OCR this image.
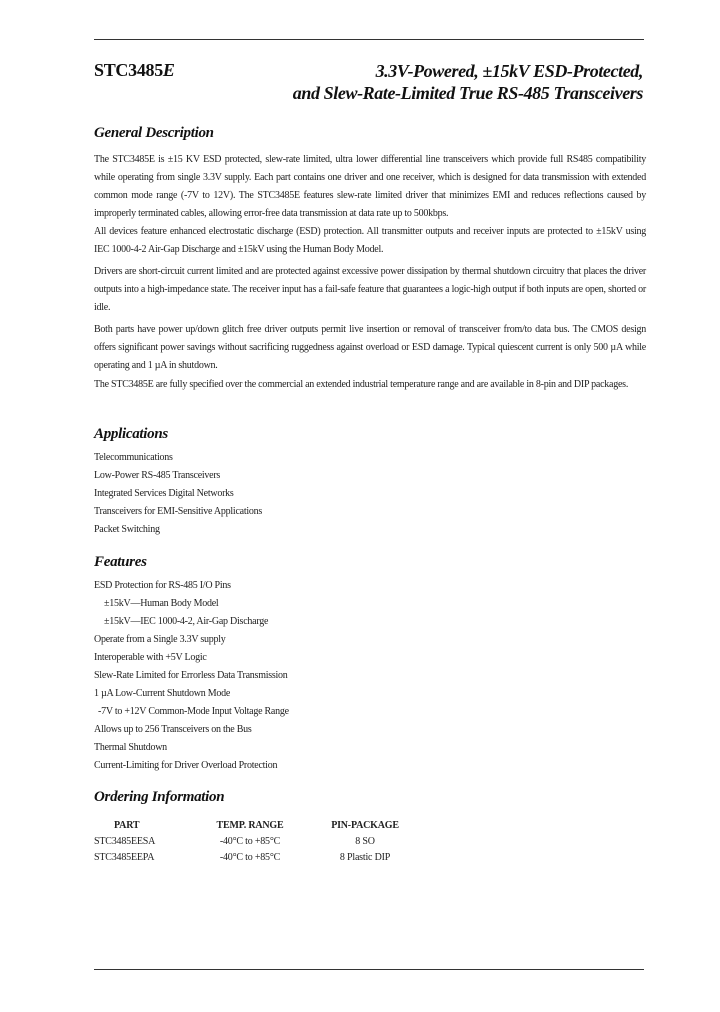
STC3485E	3.3V-Powered, ±15kV ESD-Protected,
and Slew-Rate-Limited True RS-485 Transceivers
General Description
The STC3485E is ±15 KV ESD protected, slew-rate limited, ultra lower differential line transceivers which provide full RS485 compatibility while operating from single 3.3V supply. Each part contains one driver and one receiver, which is designed for data transmission with extended common mode range (-7V to 12V). The STC3485E features slew-rate limited driver that minimizes EMI and reduces reflections caused by improperly terminated cables, allowing error-free data transmission at data rate up to 500kbps.
All devices feature enhanced electrostatic discharge (ESD) protection. All transmitter outputs and receiver inputs are protected to ±15kV using IEC 1000-4-2 Air-Gap Discharge and ±15kV using the Human Body Model.
Drivers are short-circuit current limited and are protected against excessive power dissipation by thermal shutdown circuitry that places the driver outputs into a high-impedance state. The receiver input has a fail-safe feature that guarantees a logic-high output if both inputs are open, shorted or idle.
Both parts have power up/down glitch free driver outputs permit live insertion or removal of transceiver from/to data bus. The CMOS design offers significant power savings without sacrificing ruggedness against overload or ESD damage. Typical quiescent current is only 500 µA while operating and 1 µA in shutdown.
The STC3485E are fully specified over the commercial an extended industrial temperature range and are available in 8-pin and DIP packages.
Applications
Telecommunications
Low-Power RS-485 Transceivers
Integrated Services Digital Networks
Transceivers for EMI-Sensitive Applications
Packet Switching
Features
ESD Protection for RS-485 I/O Pins
±15kV—Human Body Model
±15kV—IEC 1000-4-2, Air-Gap Discharge
Operate from a Single 3.3V supply
Interoperable with +5V Logic
Slew-Rate Limited for Errorless Data Transmission
1 µA Low-Current Shutdown Mode
-7V to +12V Common-Mode Input Voltage Range
Allows up to 256 Transceivers on the Bus
Thermal Shutdown
Current-Limiting for Driver Overload Protection
Ordering Information
PART	TEMP. RANGE	PIN-PACKAGE
STC3485EESA	-40°C to +85°C	8 SO
STC3485EEPA	-40°C to +85°C	8 Plastic DIP
